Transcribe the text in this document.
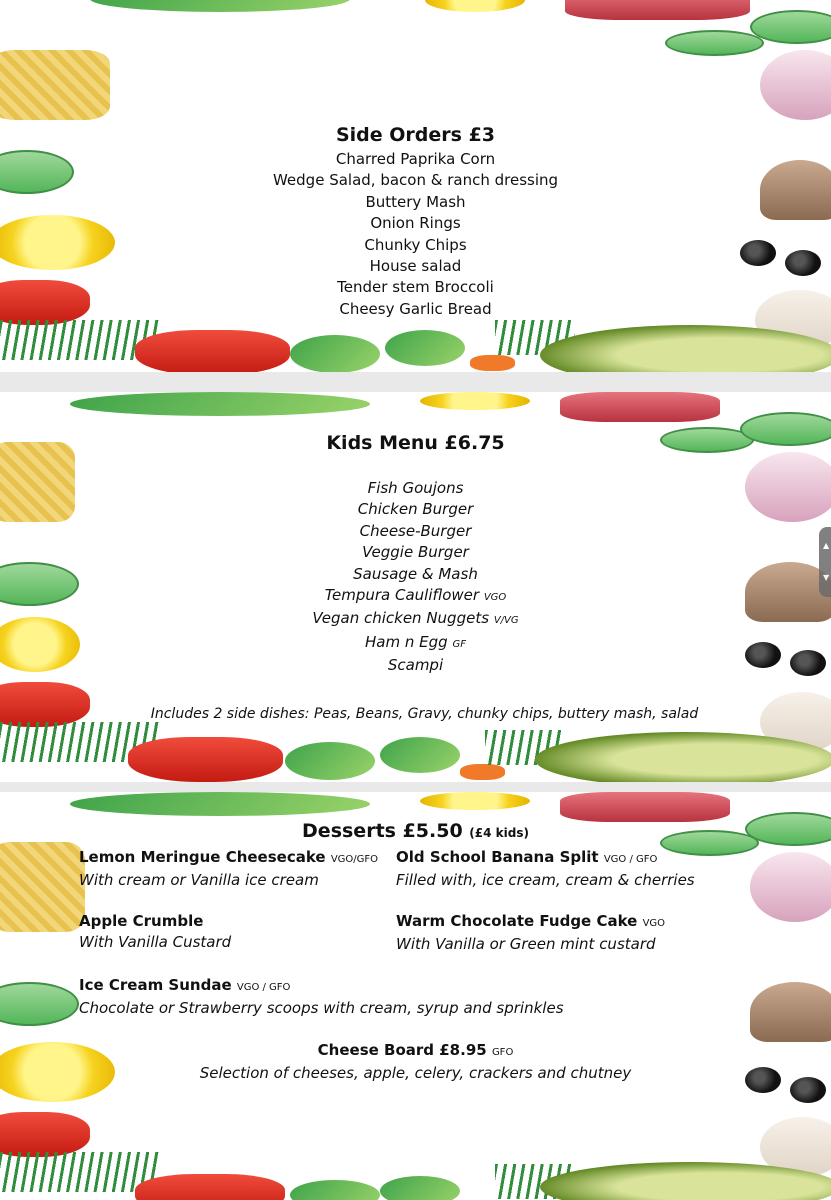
Side Orders £3
Charred Paprika Corn
Wedge Salad, bacon & ranch dressing
Buttery Mash
Onion Rings
Chunky Chips
House salad
Tender stem Broccoli
Cheesy Garlic Bread
Kids Menu £6.75
Fish Goujons
Chicken Burger
Cheese-Burger
Veggie Burger
Sausage & Mash
Tempura Cauliflower VGO
Vegan chicken Nuggets V/VG
Ham n Egg GF
Scampi
Includes 2 side dishes: Peas, Beans, Gravy, chunky chips, buttery mash, salad
Desserts £5.50 (£4 kids)
Lemon Meringue Cheesecake VGO/GFO
With cream or Vanilla ice cream
Old School Banana Split VGO / GFO
Filled with, ice cream, cream & cherries
Apple Crumble
With Vanilla Custard
Warm Chocolate Fudge Cake VGO
With Vanilla or Green mint custard
Ice Cream Sundae VGO / GFO
Chocolate or Strawberry scoops with cream, syrup and sprinkles
Cheese Board £8.95 GFO
Selection of cheeses, apple, celery, crackers and chutney
▲
▼
